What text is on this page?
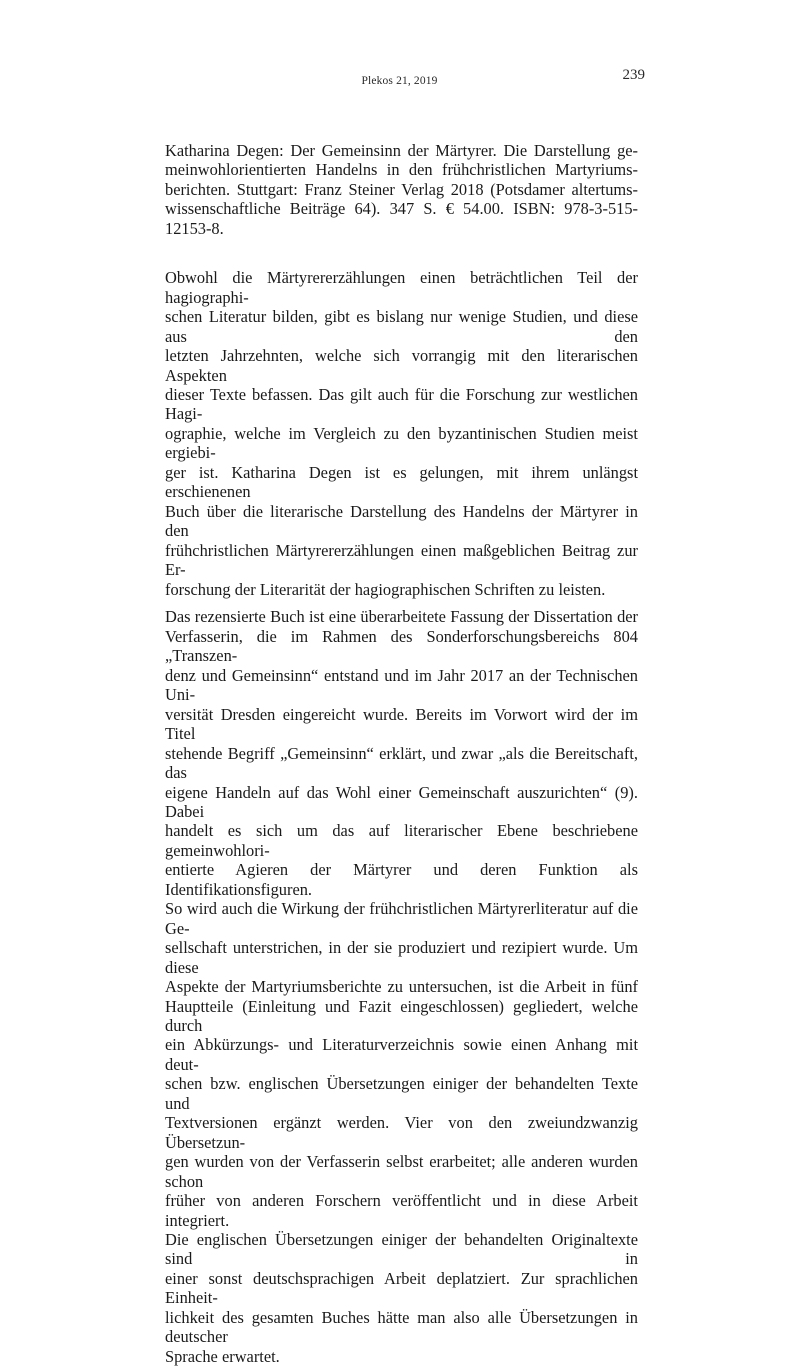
Plekos 21, 2019	239

Katharina Degen: Der Gemeinsinn der Märtyrer. Die Darstellung ge-
meinwohlorientierten Handelns in den frühchristlichen Martyriums-
berichten. Stuttgart: Franz Steiner Verlag 2018 (Potsdamer altertums-
wissenschaftliche Beiträge 64). 347 S. € 54.00. ISBN: 978-3-515-
12153-8.

Obwohl die Märtyrererzählungen einen beträchtlichen Teil der hagiographi-
schen Literatur bilden, gibt es bislang nur wenige Studien, und diese aus den
letzten Jahrzehnten, welche sich vorrangig mit den literarischen Aspekten
dieser Texte befassen. Das gilt auch für die Forschung zur westlichen Hagi-
ographie, welche im Vergleich zu den byzantinischen Studien meist ergiebi-
ger ist. Katharina Degen ist es gelungen, mit ihrem unlängst erschienenen
Buch über die literarische Darstellung des Handelns der Märtyrer in den
frühchristlichen Märtyrererzählungen einen maßgeblichen Beitrag zur Er-
forschung der Literarität der hagiographischen Schriften zu leisten.

Das rezensierte Buch ist eine überarbeitete Fassung der Dissertation der
Verfasserin, die im Rahmen des Sonderforschungsbereichs 804 „Transzen-
denz und Gemeinsinn“ entstand und im Jahr 2017 an der Technischen Uni-
versität Dresden eingereicht wurde. Bereits im Vorwort wird der im Titel
stehende Begriff „Gemeinsinn“ erklärt, und zwar „als die Bereitschaft, das
eigene Handeln auf das Wohl einer Gemeinschaft auszurichten“ (9). Dabei
handelt es sich um das auf literarischer Ebene beschriebene gemeinwohlori-
entierte Agieren der Märtyrer und deren Funktion als Identifikationsfiguren.
So wird auch die Wirkung der frühchristlichen Märtyrerliteratur auf die Ge-
sellschaft unterstrichen, in der sie produziert und rezipiert wurde. Um diese
Aspekte der Martyriumsberichte zu untersuchen, ist die Arbeit in fünf
Hauptteile (Einleitung und Fazit eingeschlossen) gegliedert, welche durch
ein Abkürzungs- und Literaturverzeichnis sowie einen Anhang mit deut-
schen bzw. englischen Übersetzungen einiger der behandelten Texte und
Textversionen ergänzt werden. Vier von den zweiundzwanzig Übersetzun-
gen wurden von der Verfasserin selbst erarbeitet; alle anderen wurden schon
früher von anderen Forschern veröffentlicht und in diese Arbeit integriert.
Die englischen Übersetzungen einiger der behandelten Originaltexte sind in
einer sonst deutschsprachigen Arbeit deplatziert. Zur sprachlichen Einheit-
lichkeit des gesamten Buches hätte man also alle Übersetzungen in deutscher
Sprache erwartet.
